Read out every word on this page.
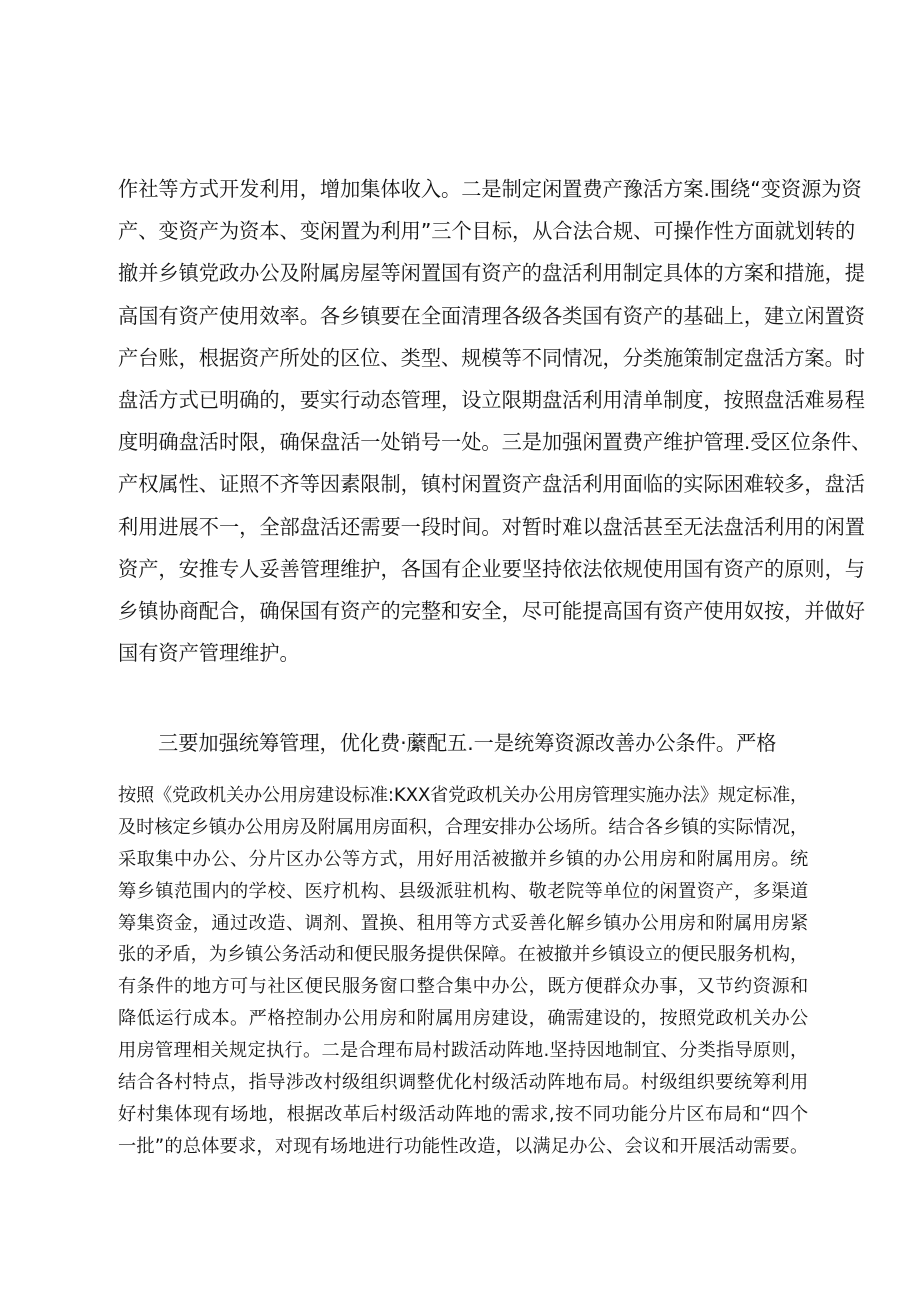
作社等方式开发利用，增加集体收入。二是制定闲置费产豫活方案.围绕“变资源为资
产、变资产为资本、变闲置为利用”三个目标，从合法合规、可操作性方面就划转的
撤并乡镇党政办公及附属房屋等闲置国有资产的盘活利用制定具体的方案和措施，提
高国有资产使用效率。各乡镇要在全面清理各级各类国有资产的基础上，建立闲置资
产台账，根据资产所处的区位、类型、规模等不同情况，分类施策制定盘活方案。时
盘活方式已明确的，要实行动态管理，设立限期盘活利用清单制度，按照盘活难易程
度明确盘活时限，确保盘活一处销号一处。三是加强闲置费产维护管理.受区位条件、
产权属性、证照不齐等因素限制，镇村闲置资产盘活利用面临的实际困难较多，盘活
利用进展不一，全部盘活还需要一段时间。对暂时难以盘活甚至无法盘活利用的闲置
资产，安推专人妥善管理维护，各国有企业要坚持依法依规使用国有资产的原则，与
乡镇协商配合，确保国有资产的完整和安全，尽可能提高国有资产使用奴按，并做好
国有资产管理维护。
三要加强统筹管理，优化费·䕷配五.一是统筹资源改善办公条件。严格
按照《党政机关办公用房建设标准:KXX省党政机关办公用房管理实施办法》规定标准，
及时核定乡镇办公用房及附属用房面积，合理安排办公场所。结合各乡镇的实际情况，
采取集中办公、分片区办公等方式，用好用活被撤并乡镇的办公用房和附属用房。统
筹乡镇范围内的学校、医疗机构、县级派驻机构、敬老院等单位的闲置资产，多渠道
筹集资金，通过改造、调剂、置换、租用等方式妥善化解乡镇办公用房和附属用房紧
张的矛盾，为乡镇公务活动和便民服务提供保障。在被撤并乡镇设立的便民服务机构，
有条件的地方可与社区便民服务窗口整合集中办公，既方便群众办事，又节约资源和
降低运行成本。严格控制办公用房和附属用房建设，确需建设的，按照党政机关办公
用房管理相关规定执行。二是合理布局村跋活动阵地.坚持因地制宜、分类指导原则，
结合各村特点，指导涉改村级组织调整优化村级活动阵地布局。村级组织要统筹利用
好村集体现有场地，根据改革后村级活动阵地的需求,按不同功能分片区布局和“四个
一批”的总体要求，对现有场地进行功能性改造，以满足办公、会议和开展活动需要。
